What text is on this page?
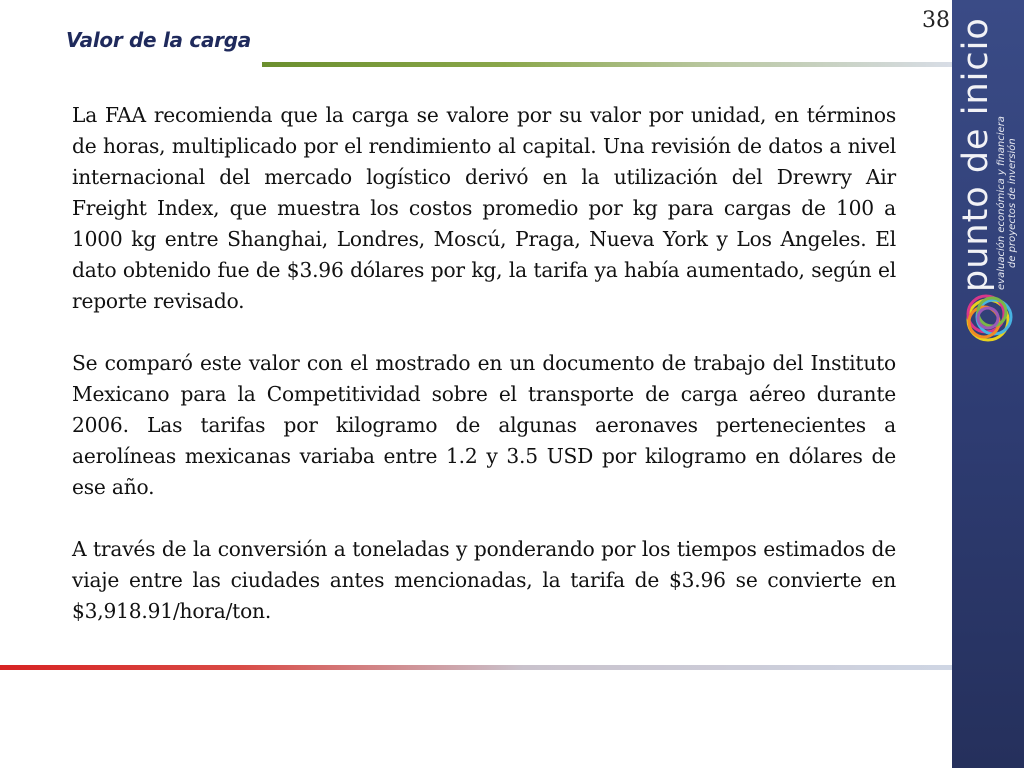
Valor de la carga
38

La FAA recomienda que la carga se valore por su valor por unidad, en términos de horas, multiplicado por el rendimiento al capital. Una revisión de datos a nivel internacional del mercado logístico derivó en la utilización del Drewry Air Freight Index, que muestra los costos promedio por kg para cargas de 100 a 1000 kg entre Shanghai, Londres, Moscú, Praga, Nueva York y Los Angeles. El dato obtenido fue de $3.96 dólares por kg, la tarifa ya había aumentado, según el reporte revisado.

Se comparó este valor con el mostrado en un documento de trabajo del Instituto Mexicano para la Competitividad sobre el transporte de carga aéreo durante 2006. Las tarifas por kilogramo de algunas aeronaves pertenecientes a aerolíneas mexicanas variaba entre 1.2 y 3.5 USD por kilogramo en dólares de ese año.

A través de la conversión a toneladas y ponderando por los tiempos estimados de viaje entre las ciudades antes mencionadas, la tarifa de $3.96 se convierte en $3,918.91/hora/ton.

punto de inicio evaluación económica y financiera de proyectos de inversión
